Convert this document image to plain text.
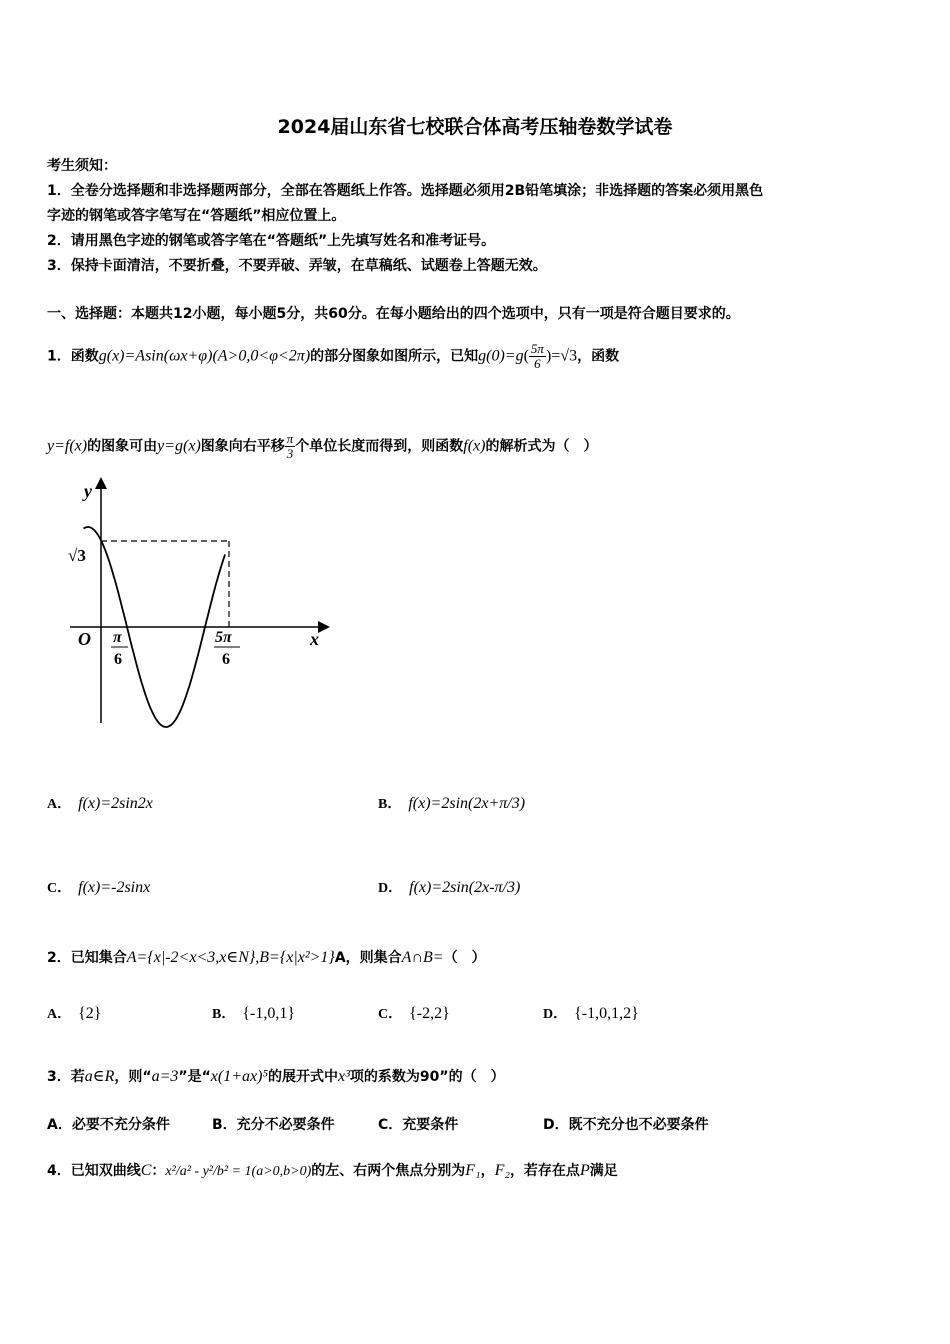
2024届山东省七校联合体高考压轴卷数学试卷
考生须知：
1．全卷分选择题和非选择题两部分，全部在答题纸上作答。选择题必须用2B铅笔填涂；非选择题的答案必须用黑色
字迹的钢笔或答字笔写在“答题纸”相应位置上。
2．请用黑色字迹的钢笔或答字笔在“答题纸”上先填写姓名和准考证号。
3．保持卡面清洁，不要折叠，不要弄破、弄皱，在草稿纸、试题卷上答题无效。
一、选择题：本题共12小题，每小题5分，共60分。在每小题给出的四个选项中，只有一项是符合题目要求的。
1．函数g(x)=Asin(ωx+φ)(A>0,0<φ<2π)的部分图象如图所示，已知$g(0)=g( \frac{5\pi}{6} )=√3$，函数
y=f(x)的图象可由y=g(x)图象向右平移 $\frac{\pi}{3}$ 个单位长度而得到，则函数f(x)的解析式为（　）
y
x
O
√3
π
6
5π
6
A．　 f(x)=2sin2x	B．　 f(x)=2sin(2x+π/3)
C．　 f(x)=-2sinx	D．　 f(x)=2sin(2x-π/3)
2．已知集合A={x|-2<x<3,x∈N},B={x|x²>1}A，则集合A∩B=（　）
A．　 {2}	B．　 {-1,0,1}	C．　 {-2,2}	D．　 {-1,0,1,2}
3．若a∈R，则“a=3”是“x(1+ax)⁵的展开式中x³项的系数为90”的（　）
A．必要不充分条件	B．充分不必要条件	C．充要条件	D．既不充分也不必要条件
4．已知双曲线C：x²/a² - y²/b² = 1(a>0,b>0)的左、右两个焦点分别为F₁，F₂，若存在点P满足
